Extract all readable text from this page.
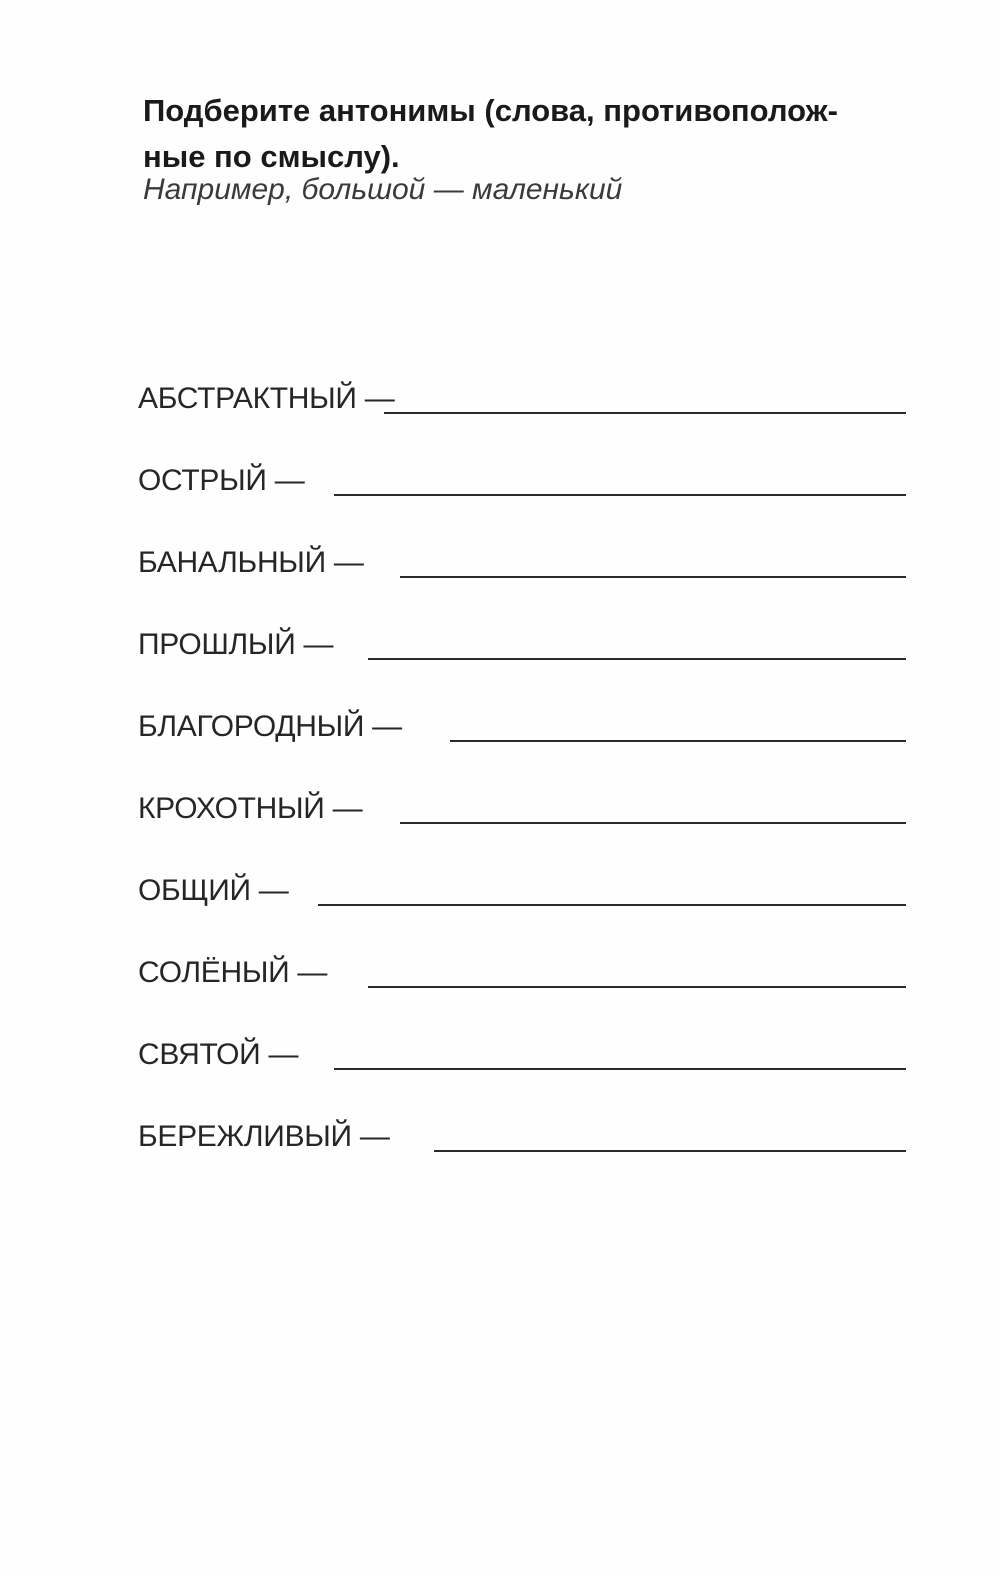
Подберите антонимы (слова, противополож-
ные по смыслу).
Например, большой — маленький
АБСТРАКТНЫЙ —
ОСТРЫЙ —
БАНАЛЬНЫЙ —
ПРОШЛЫЙ —
БЛАГОРОДНЫЙ —
КРОХОТНЫЙ —
ОБЩИЙ —
СОЛЁНЫЙ —
СВЯТОЙ —
БЕРЕЖЛИВЫЙ —
